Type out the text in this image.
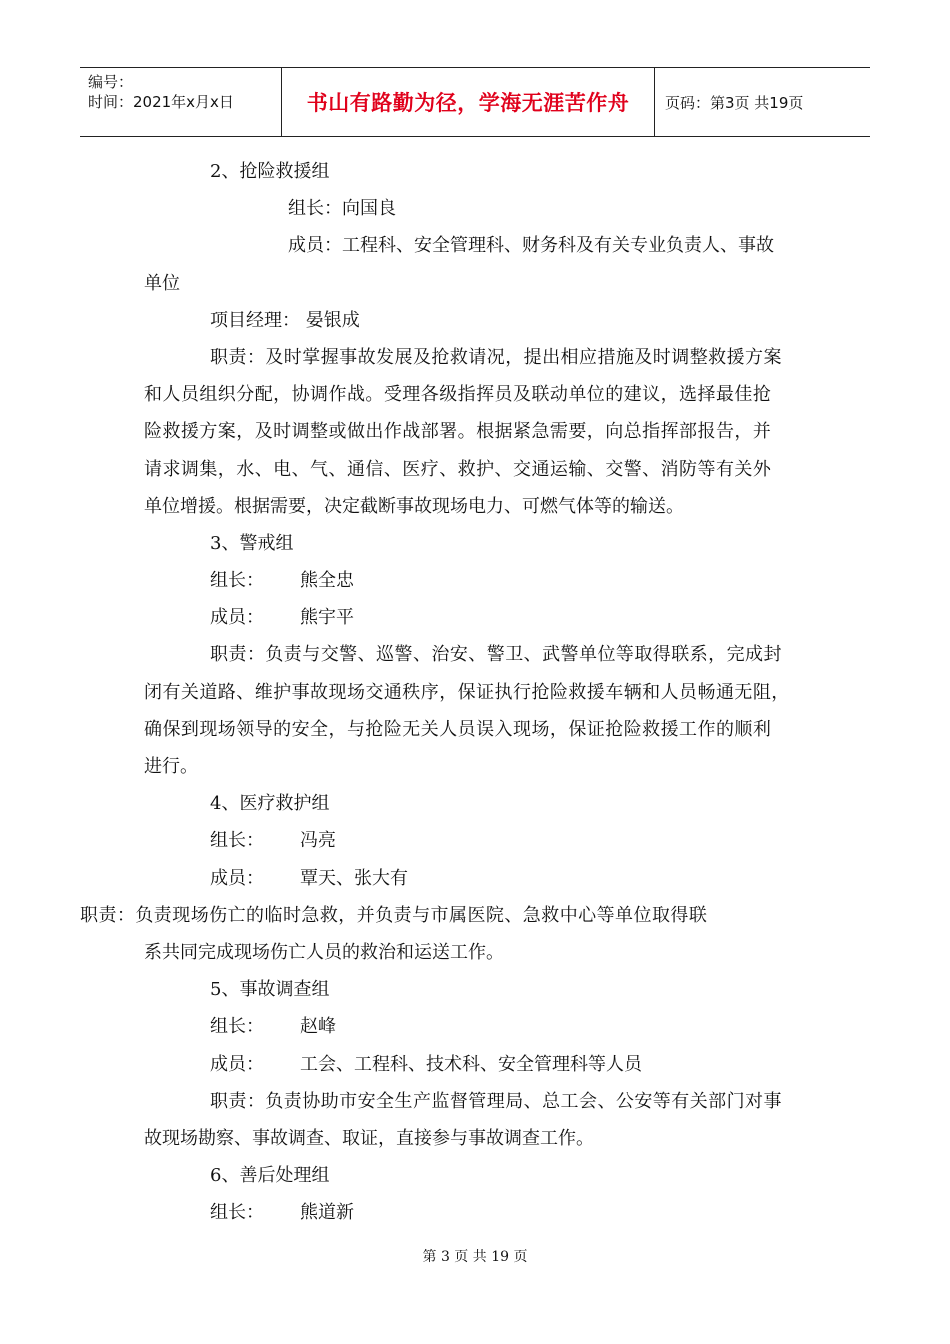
编号：
时间：2021年x月x日	书山有路勤为径，学海无涯苦作舟	页码：第3页 共19页
2、抢险救援组
组长：向国良
成员：工程科、安全管理科、财务科及有关专业负责人、事故
单位
项目经理： 晏银成
职责：及时掌握事故发展及抢救请况，提出相应措施及时调整救援方案
和人员组织分配，协调作战。受理各级指挥员及联动单位的建议，选择最佳抢
险救援方案，及时调整或做出作战部署。根据紧急需要，向总指挥部报告，并
请求调集，水、电、气、通信、医疗、救护、交通运输、交警、消防等有关外
单位增援。根据需要，决定截断事故现场电力、可燃气体等的输送。
3、警戒组
组长： 熊全忠
成员： 熊宇平
职责：负责与交警、巡警、治安、警卫、武警单位等取得联系，完成封
闭有关道路、维护事故现场交通秩序，保证执行抢险救援车辆和人员畅通无阻，
确保到现场领导的安全，与抢险无关人员误入现场，保证抢险救援工作的顺利
进行。
4、医疗救护组
组长： 冯亮
成员： 覃天、张大有
职责：负责现场伤亡的临时急救，并负责与市属医院、急救中心等单位取得联
系共同完成现场伤亡人员的救治和运送工作。
5、事故调查组
组长： 赵峰
成员： 工会、工程科、技术科、安全管理科等人员
职责：负责协助市安全生产监督管理局、总工会、公安等有关部门对事
故现场勘察、事故调查、取证，直接参与事故调查工作。
6、善后处理组
组长： 熊道新
第 3 页 共 19 页
